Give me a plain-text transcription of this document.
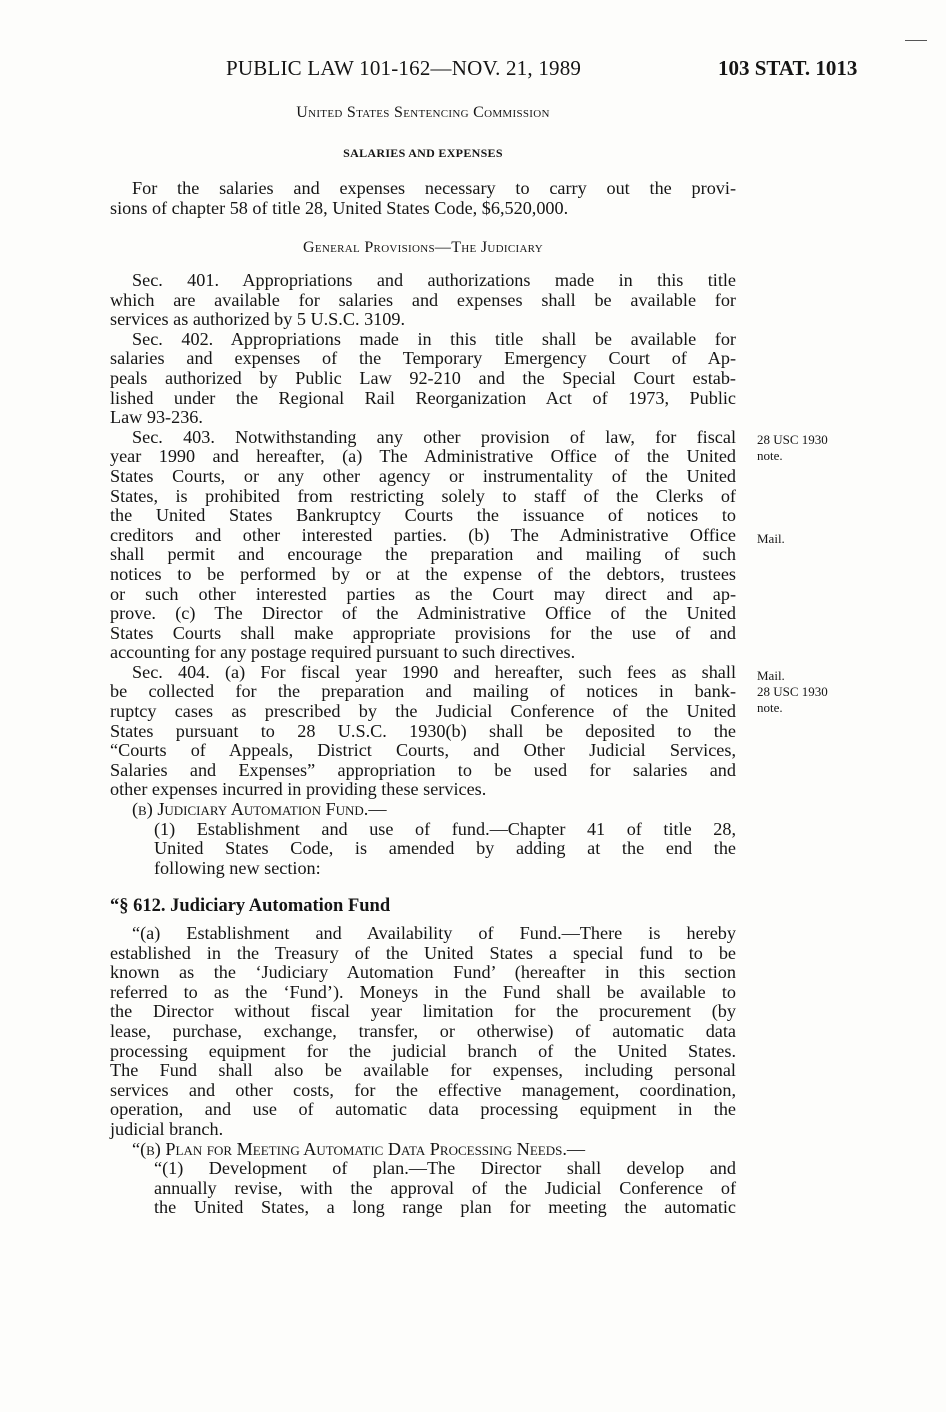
PUBLIC LAW 101-162—NOV. 21, 1989	103 STAT. 1013
United States Sentencing Commission
SALARIES AND EXPENSES
For the salaries and expenses necessary to carry out the provi-
sions of chapter 58 of title 28, United States Code, $6,520,000.
General Provisions—The Judiciary
Sec. 401. Appropriations and authorizations made in this title
which are available for salaries and expenses shall be available for
services as authorized by 5 U.S.C. 3109.
Sec. 402. Appropriations made in this title shall be available for
salaries and expenses of the Temporary Emergency Court of Ap-
peals authorized by Public Law 92-210 and the Special Court estab-
lished under the Regional Rail Reorganization Act of 1973, Public
Law 93-236.
Sec. 403. Notwithstanding any other provision of law, for fiscal
year 1990 and hereafter, (a) The Administrative Office of the United
States Courts, or any other agency or instrumentality of the United
States, is prohibited from restricting solely to staff of the Clerks of
the United States Bankruptcy Courts the issuance of notices to
creditors and other interested parties. (b) The Administrative Office
shall permit and encourage the preparation and mailing of such
notices to be performed by or at the expense of the debtors, trustees
or such other interested parties as the Court may direct and ap-
prove. (c) The Director of the Administrative Office of the United
States Courts shall make appropriate provisions for the use of and
accounting for any postage required pursuant to such directives.
Sec. 404. (a) For fiscal year 1990 and hereafter, such fees as shall
be collected for the preparation and mailing of notices in bank-
ruptcy cases as prescribed by the Judicial Conference of the United
States pursuant to 28 U.S.C. 1930(b) shall be deposited to the
“Courts of Appeals, District Courts, and Other Judicial Services,
Salaries and Expenses” appropriation to be used for salaries and
other expenses incurred in providing these services.
(b) Judiciary Automation Fund.—
(1) Establishment and use of fund.—Chapter 41 of title 28,
United States Code, is amended by adding at the end the
following new section:
“§ 612. Judiciary Automation Fund
“(a) Establishment and Availability of Fund.—There is hereby
established in the Treasury of the United States a special fund to be
known as the ‘Judiciary Automation Fund’ (hereafter in this section
referred to as the ‘Fund’). Moneys in the Fund shall be available to
the Director without fiscal year limitation for the procurement (by
lease, purchase, exchange, transfer, or otherwise) of automatic data
processing equipment for the judicial branch of the United States.
The Fund shall also be available for expenses, including personal
services and other costs, for the effective management, coordination,
operation, and use of automatic data processing equipment in the
judicial branch.
“(b) Plan for Meeting Automatic Data Processing Needs.—
“(1) Development of plan.—The Director shall develop and
annually revise, with the approval of the Judicial Conference of
the United States, a long range plan for meeting the automatic
28 USC 1930
note.
Mail.
Mail.
28 USC 1930
note.
